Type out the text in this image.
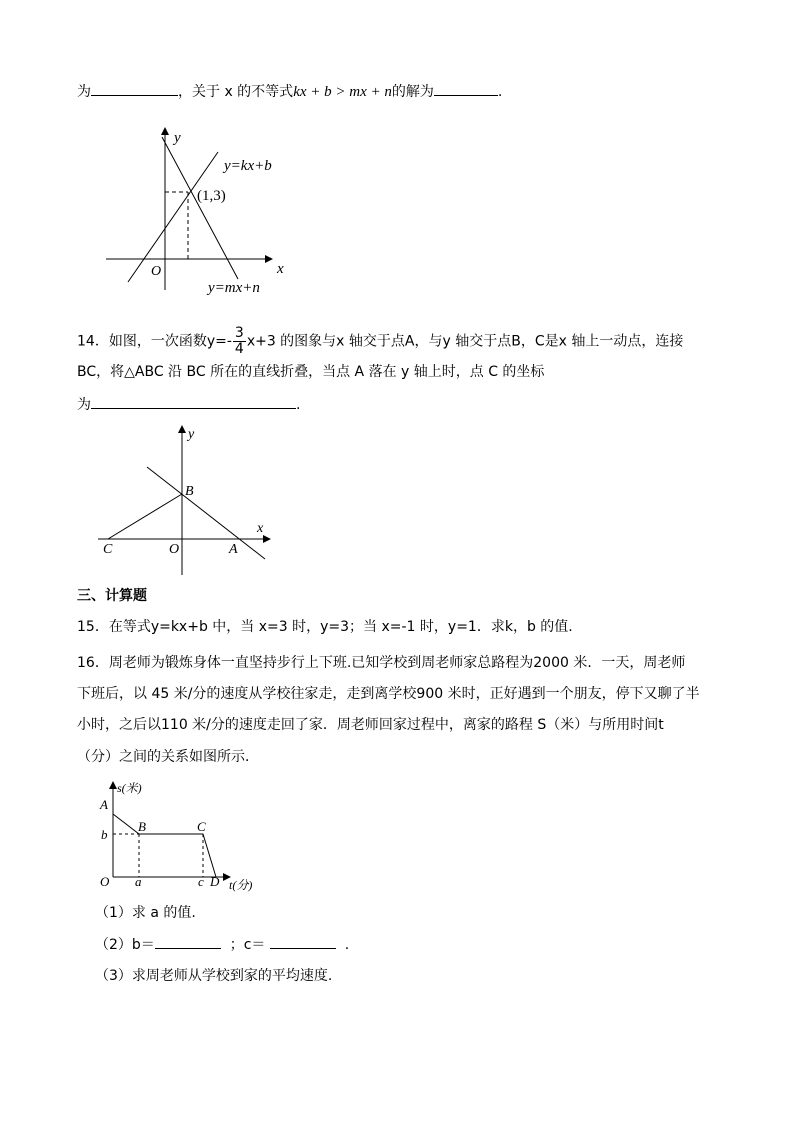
为	，关于 x 的不等式kx + b > mx + n的解为	.
y
x
O
y=kx+b
(1,3)
y=mx+n
14．如图，一次函数$y=- \frac{3}{4} x+3$ 的图象与x 轴交于点A，与y 轴交于点B，C是x 轴上一动点，连接
BC，将△ABC 沿 BC 所在的直线折叠，当点 A 落在 y 轴上时，点 C 的坐标
为	.
y
x
B
C	O	A
三、计算题
15．在等式y=kx+b 中，当 x=3 时，y=3；当 x=-1 时，y=1．求k，b 的值.
16．周老师为锻炼身体一直坚持步行上下班.已知学校到周老师家总路程为2000 米．一天，周老师
下班后，以 45 米/分的速度从学校往家走，走到离学校900 米时，正好遇到一个朋友，停下又聊了半
小时，之后以110 米/分的速度走回了家．周老师回家过程中，离家的路程 S（米）与所用时间t
（分）之间的关系如图所示．
s(米)
A
b
B	C
O a	c D t(分)
（1）求 a 的值.
（2）b＝	；c＝	.
（3）求周老师从学校到家的平均速度.
